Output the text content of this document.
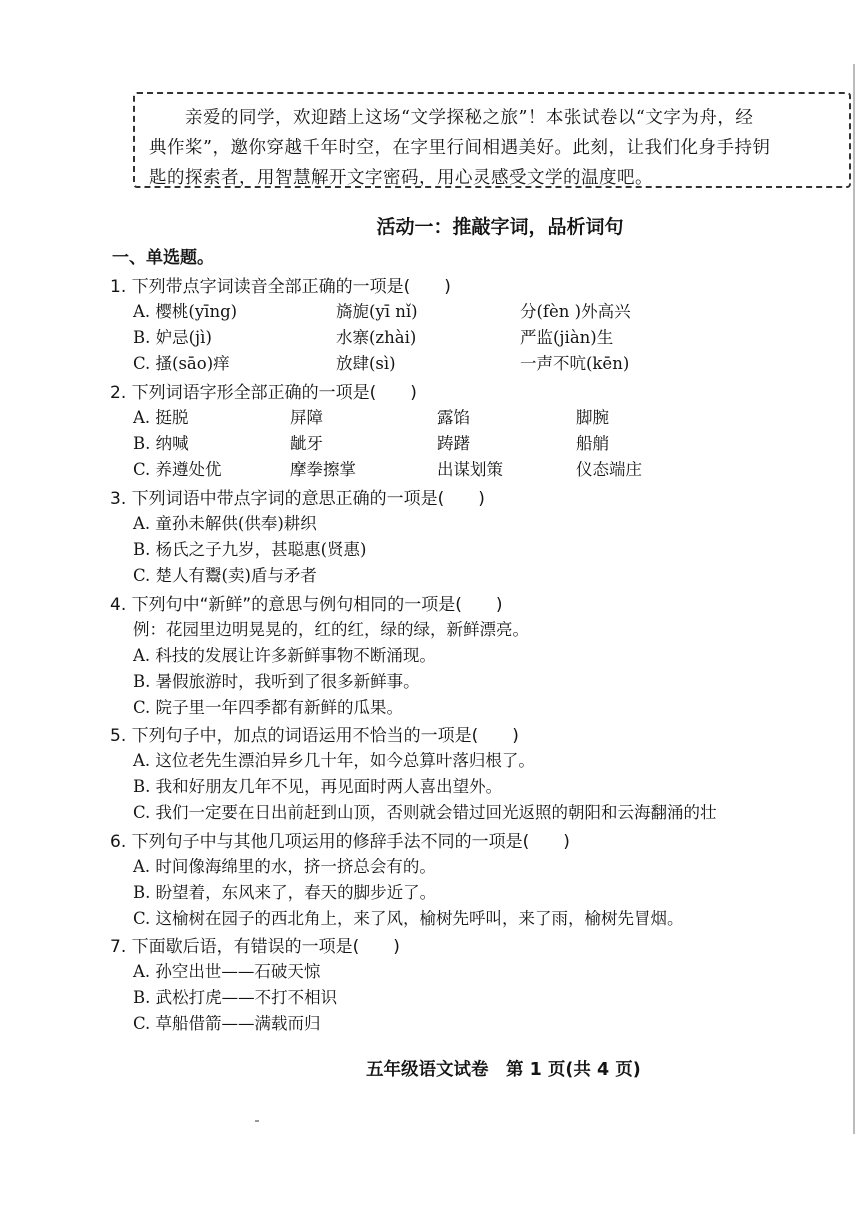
亲爱的同学，欢迎踏上这场“文学探秘之旅”！本张试卷以“文字为舟，经

典作桨”，邀你穿越千年时空，在字里行间相遇美好。此刻，让我们化身手持钥

匙的探索者，用智慧解开文字密码，用心灵感受文学的温度吧。

活动一：推敲字词，品析词句
一、单选题。
1. 下列带点字词读音全部正确的一项是(　　)
A. 樱桃(yīng)	旖旎(yī nǐ)	分(fèn )外高兴
B. 妒忌(jì)	水寨(zhài)	严监(jiàn)生
C. 搔(sāo)痒	放肆(sì)	一声不吭(kēn)
2. 下列词语字形全部正确的一项是(　　)
A. 挺脱	屏障	露馅	脚腕
B. 纳喊	龇牙	踌躇	船艄
C. 养遵处优	摩拳擦掌	出谋划策	仪态端庄
3. 下列词语中带点字词的意思正确的一项是(　　)
A. 童孙未解供(供奉)耕织
B. 杨氏之子九岁，甚聪惠(贤惠)
C. 楚人有鬻(卖)盾与矛者
4. 下列句中“新鲜”的意思与例句相同的一项是(　　)
例：花园里边明晃晃的，红的红，绿的绿，新鲜漂亮。
A. 科技的发展让许多新鲜事物不断涌现。
B. 暑假旅游时，我听到了很多新鲜事。
C. 院子里一年四季都有新鲜的瓜果。
5. 下列句子中，加点的词语运用不恰当的一项是(　　)
A. 这位老先生漂泊异乡几十年，如今总算叶落归根了。
B. 我和好朋友几年不见，再见面时两人喜出望外。
C. 我们一定要在日出前赶到山顶，否则就会错过回光返照的朝阳和云海翻涌的壮
6. 下列句子中与其他几项运用的修辞手法不同的一项是(　　)
A. 时间像海绵里的水，挤一挤总会有的。
B. 盼望着，东风来了，春天的脚步近了。
C. 这榆树在园子的西北角上，来了风，榆树先呼叫，来了雨，榆树先冒烟。
7. 下面歇后语，有错误的一项是(　　)
A. 孙空出世——石破天惊
B. 武松打虎——不打不相识
C. 草船借箭——满载而归
五年级语文试卷　第 1 页(共 4 页)
